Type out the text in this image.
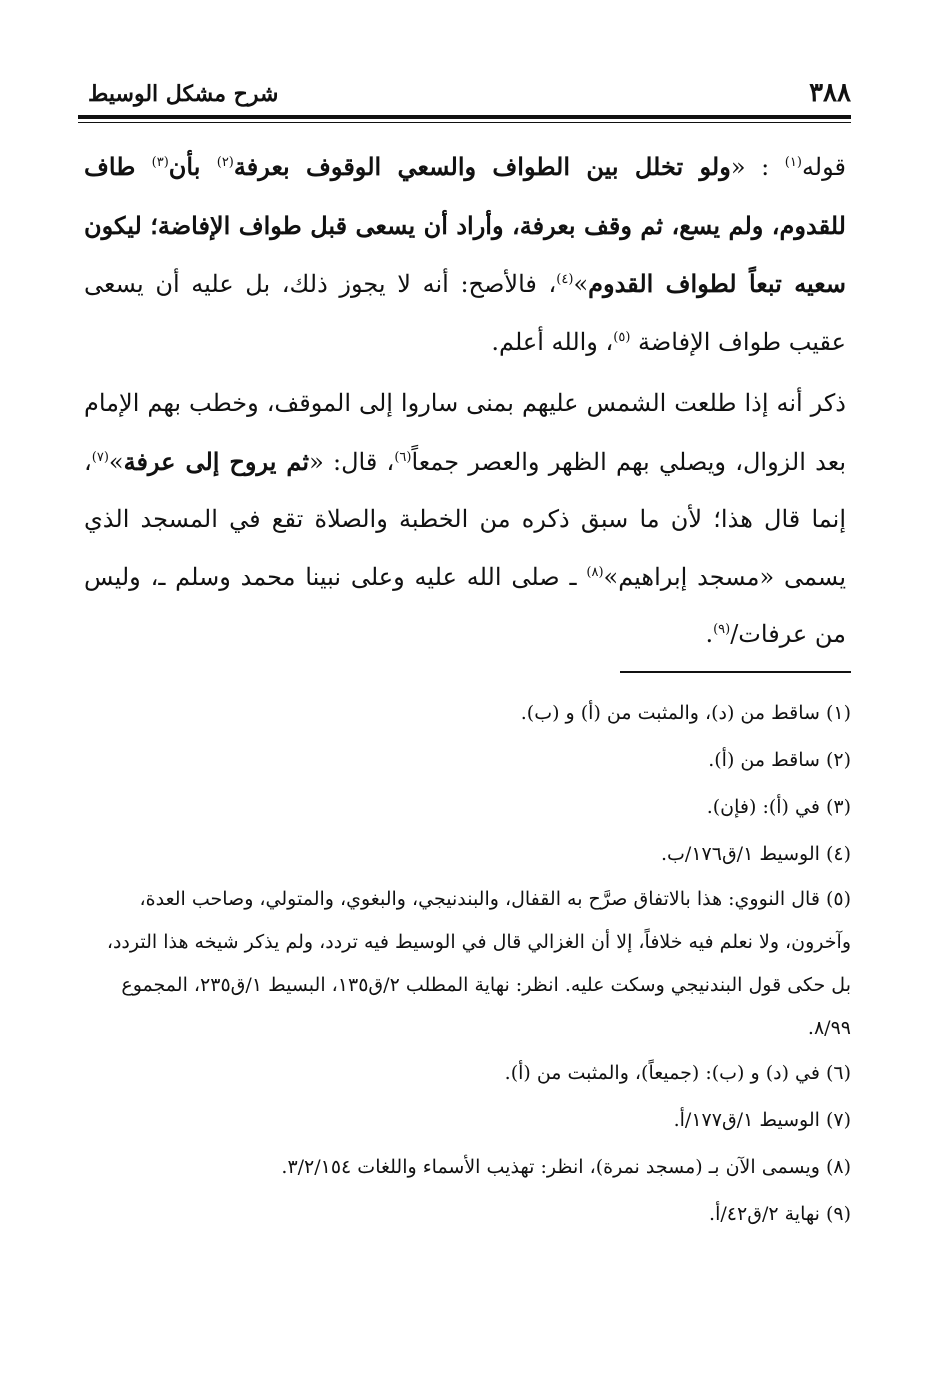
٣٨٨
شرح مشكل الوسيط

قوله$^{(١)}$ : «ولو تخلل بين الطواف والسعي الوقوف بعرفة$^{(٢)}$ بأن$^{(٣)}$ طاف للقدوم، ولم يسع، ثم وقف بعرفة، وأراد أن يسعى قبل طواف الإفاضة؛ ليكون سعيه تبعاً لطواف القدوم»$^{(٤)}$، فالأصح: أنه لا يجوز ذلك، بل عليه أن يسعى عقيب طواف الإفاضة $^{(٥)}$، والله أعلم.

ذكر أنه إذا طلعت الشمس عليهم بمنى ساروا إلى الموقف، وخطب بهم الإمام بعد الزوال، ويصلي بهم الظهر والعصر جمعاً$^{(٦)}$، قال: «ثم يروح إلى عرفة»$^{(٧)}$، إنما قال هذا؛ لأن ما سبق ذكره من الخطبة والصلاة تقع في المسجد الذي يسمى «مسجد إبراهيم»$^{(٨)}$ ـ صلى الله عليه وعلى نبينا محمد وسلم ـ، وليس من عرفات/$^{(٩)}$.

(١)ساقط من (د)، والمثبت من (أ) و (ب).

(٢)ساقط من (أ).

(٣)في (أ): (فإن).

(٤)الوسيط ١/ق١٧٦/ب.

(٥)قال النووي: هذا بالاتفاق صرَّح به القفال، والبندنيجي، والبغوي، والمتولي، وصاحب العدة، وآخرون، ولا نعلم فيه خلافاً، إلا أن الغزالي قال في الوسيط فيه تردد، ولم يذكر شيخه هذا التردد، بل حكى قول البندنيجي وسكت عليه. انظر: نهاية المطلب ٢/ق١٣٥، البسيط ١/ق٢٣٥، المجموع ٨/٩٩.

(٦)في (د) و (ب): (جميعاً)، والمثبت من (أ).

(٧)الوسيط ١/ق١٧٧/أ.

(٨)ويسمى الآن بـ (مسجد نمرة)، انظر: تهذيب الأسماء واللغات ٣/٢/١٥٤.

(٩)نهاية ٢/ق٤٢/أ.
